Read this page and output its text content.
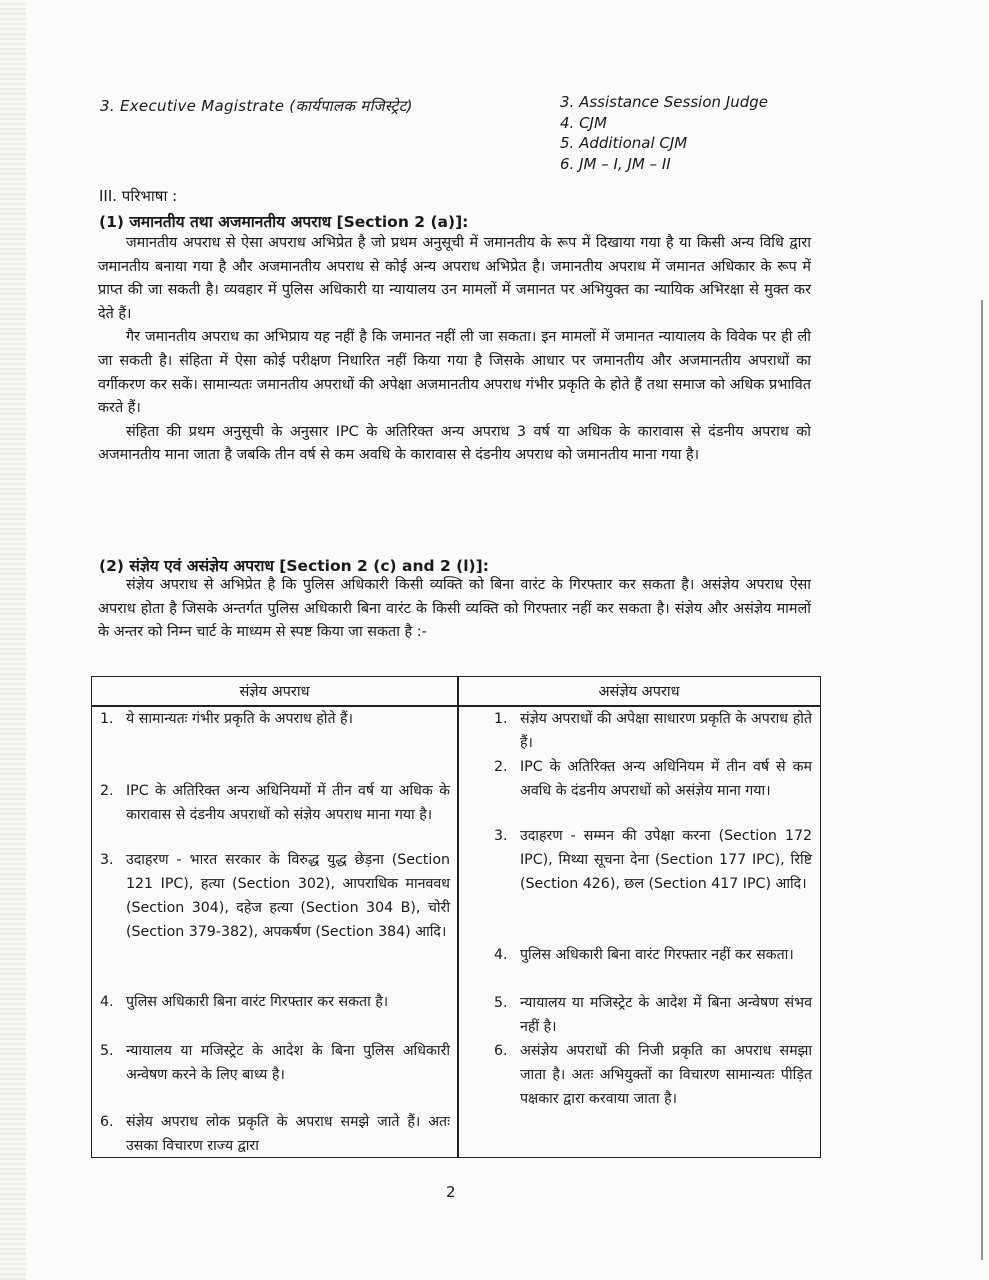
3. Executive Magistrate (कार्यपालक मजिस्ट्रेट)	3. Assistance Session Judge
4. CJM
5. Additional CJM
6. JM – I, JM – II
III. परिभाषा :
(1) जमानतीय तथा अजमानतीय अपराध [Section 2 (a)]:

जमानतीय अपराध से ऐसा अपराध अभिप्रेत है जो प्रथम अनुसूची में जमानतीय के रूप में दिखाया गया है या किसी अन्य विधि द्वारा जमानतीय बनाया गया है और अजमानतीय अपराध से कोई अन्य अपराध अभिप्रेत है। जमानतीय अपराध में जमानत अधिकार के रूप में प्राप्त की जा सकती है। व्यवहार में पुलिस अधिकारी या न्यायालय उन मामलों में जमानत पर अभियुक्त का न्यायिक अभिरक्षा से मुक्त कर देते हैं।

गैर जमानतीय अपराध का अभिप्राय यह नहीं है कि जमानत नहीं ली जा सकता। इन मामलों में जमानत न्यायालय के विवेक पर ही ली जा सकती है। संहिता में ऐसा कोई परीक्षण निधारित नहीं किया गया है जिसके आधार पर जमानतीय और अजमानतीय अपराधों का वर्गीकरण कर सकें। सामान्यतः जमानतीय अपराधों की अपेक्षा अजमानतीय अपराध गंभीर प्रकृति के होते हैं तथा समाज को अधिक प्रभावित करते हैं।

संहिता की प्रथम अनुसूची के अनुसार IPC के अतिरिक्त अन्य अपराध 3 वर्ष या अधिक के कारावास से दंडनीय अपराध को अजमानतीय माना जाता है जबकि तीन वर्ष से कम अवधि के कारावास से दंडनीय अपराध को जमानतीय माना गया है।

(2) संज्ञेय एवं असंज्ञेय अपराध [Section 2 (c) and 2 (l)]:

संज्ञेय अपराध से अभिप्रेत है कि पुलिस अधिकारी किसी व्यक्ति को बिना वारंट के गिरफ्तार कर सकता है। असंज्ञेय अपराध ऐसा अपराध होता है जिसके अन्तर्गत पुलिस अधिकारी बिना वारंट के किसी व्यक्ति को गिरफ्तार नहीं कर सकता है। संज्ञेय और असंज्ञेय मामलों के अन्तर को निम्न चार्ट के माध्यम से स्पष्ट किया जा सकता है :-

संज्ञेय अपराध	असंज्ञेय अपराध
1. ये सामान्यतः गंभीर प्रकृति के अपराध होते हैं।
2. IPC के अतिरिक्त अन्य अधिनियमों में तीन वर्ष या अधिक के कारावास से दंडनीय अपराधों को संज्ञेय अपराध माना गया है।
3. उदाहरण - भारत सरकार के विरुद्ध युद्ध छेड़ना (Section 121 IPC), हत्या (Section 302), आपराधिक मानववध (Section 304), दहेज हत्या (Section 304 B), चोरी (Section 379-382), अपकर्षण (Section 384) आदि।
4. पुलिस अधिकारी बिना वारंट गिरफ्तार कर सकता है।
5. न्यायालय या मजिस्ट्रेट के आदेश के बिना पुलिस अधिकारी अन्वेषण करने के लिए बाध्य है।
6. संज्ञेय अपराध लोक प्रकृति के अपराध समझे जाते हैं। अतः उसका विचारण राज्य द्वारा
1. संज्ञेय अपराधों की अपेक्षा साधारण प्रकृति के अपराध होते हैं।
2. IPC के अतिरिक्त अन्य अधिनियम में तीन वर्ष से कम अवधि के दंडनीय अपराधों को असंज्ञेय माना गया।
3. उदाहरण - सम्मन की उपेक्षा करना (Section 172 IPC), मिथ्या सूचना देना (Section 177 IPC), रिष्टि (Section 426), छल (Section 417 IPC) आदि।
4. पुलिस अधिकारी बिना वारंट गिरफ्तार नहीं कर सकता।
5. न्यायालय या मजिस्ट्रेट के आदेश में बिना अन्वेषण संभव नहीं है।
6. असंज्ञेय अपराधों की निजी प्रकृति का अपराध समझा जाता है। अतः अभियुक्तों का विचारण सामान्यतः पीड़ित पक्षकार द्वारा करवाया जाता है।
2
